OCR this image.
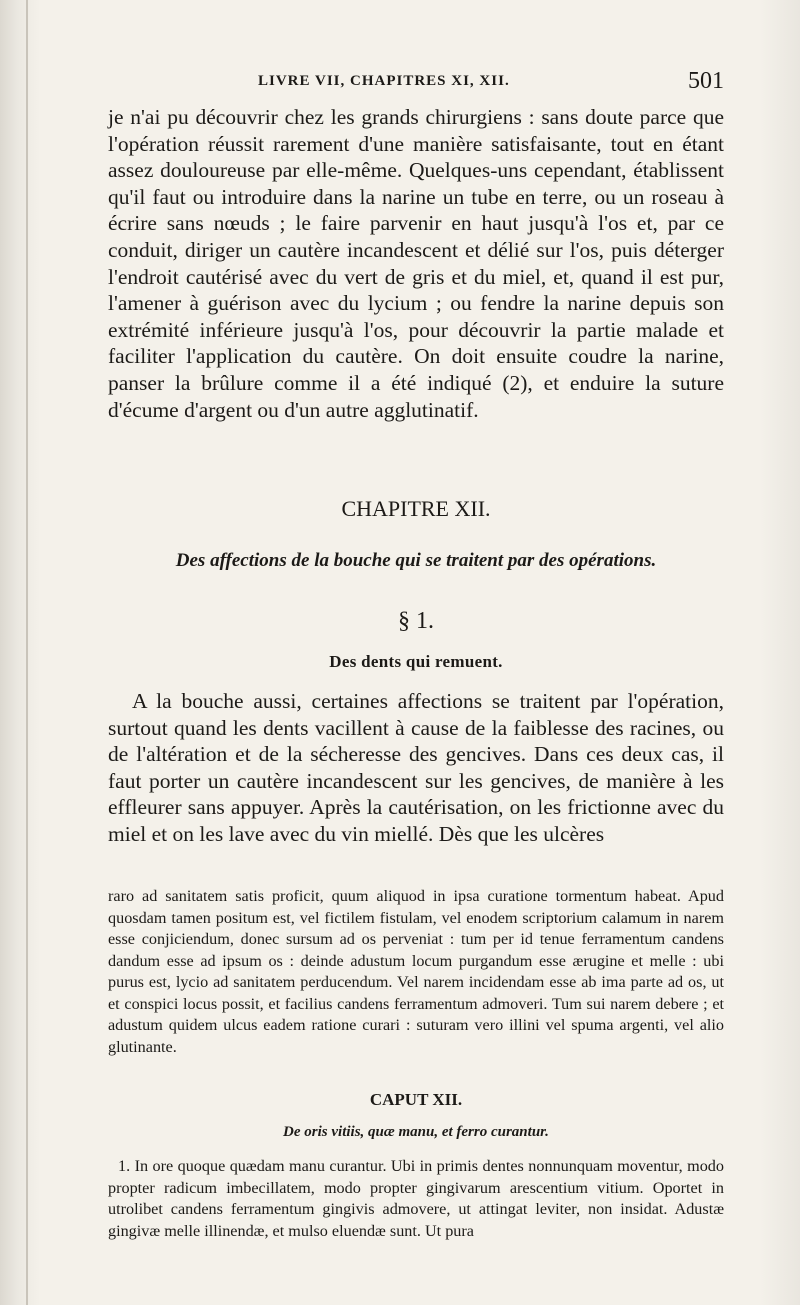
LIVRE VII, CHAPITRES XI, XII.	501

je n'ai pu découvrir chez les grands chirurgiens : sans doute parce que l'opération réussit rarement d'une manière satisfaisante, tout en étant assez douloureuse par elle-même. Quelques-uns cependant, établissent qu'il faut ou introduire dans la narine un tube en terre, ou un roseau à écrire sans nœuds ; le faire parvenir en haut jusqu'à l'os et, par ce conduit, diriger un cautère incandescent et délié sur l'os, puis déterger l'endroit cautérisé avec du vert de gris et du miel, et, quand il est pur, l'amener à guérison avec du lycium ; ou fendre la narine depuis son extrémité inférieure jusqu'à l'os, pour découvrir la partie malade et faciliter l'application du cautère. On doit ensuite coudre la narine, panser la brûlure comme il a été indiqué (2), et enduire la suture d'écume d'argent ou d'un autre agglutinatif.

CHAPITRE XII.

Des affections de la bouche qui se traitent par des opérations.

§ 1.

Des dents qui remuent.

A la bouche aussi, certaines affections se traitent par l'opération, surtout quand les dents vacillent à cause de la faiblesse des racines, ou de l'altération et de la sécheresse des gencives. Dans ces deux cas, il faut porter un cautère incandescent sur les gencives, de manière à les effleurer sans appuyer. Après la cautérisation, on les frictionne avec du miel et on les lave avec du vin miellé. Dès que les ulcères

raro ad sanitatem satis proficit, quum aliquod in ipsa curatione tormentum habeat. Apud quosdam tamen positum est, vel fictilem fistulam, vel enodem scriptorium calamum in narem esse conjiciendum, donec sursum ad os perveniat : tum per id tenue ferramentum candens dandum esse ad ipsum os : deinde adustum locum purgandum esse ærugine et melle : ubi purus est, lycio ad sanitatem perducendum. Vel narem incidendam esse ab ima parte ad os, ut et conspici locus possit, et facilius candens ferramentum admoveri. Tum sui narem debere ; et adustum quidem ulcus eadem ratione curari : suturam vero illini vel spuma argenti, vel alio glutinante.

CAPUT XII.

De oris vitiis, quæ manu, et ferro curantur.

1. In ore quoque quædam manu curantur. Ubi in primis dentes nonnunquam moventur, modo propter radicum imbecillatem, modo propter gingivarum arescentium vitium. Oportet in utrolibet candens ferramentum gingivis admovere, ut attingat leviter, non insidat. Adustæ gingivæ melle illinendæ, et mulso eluendæ sunt. Ut pura
